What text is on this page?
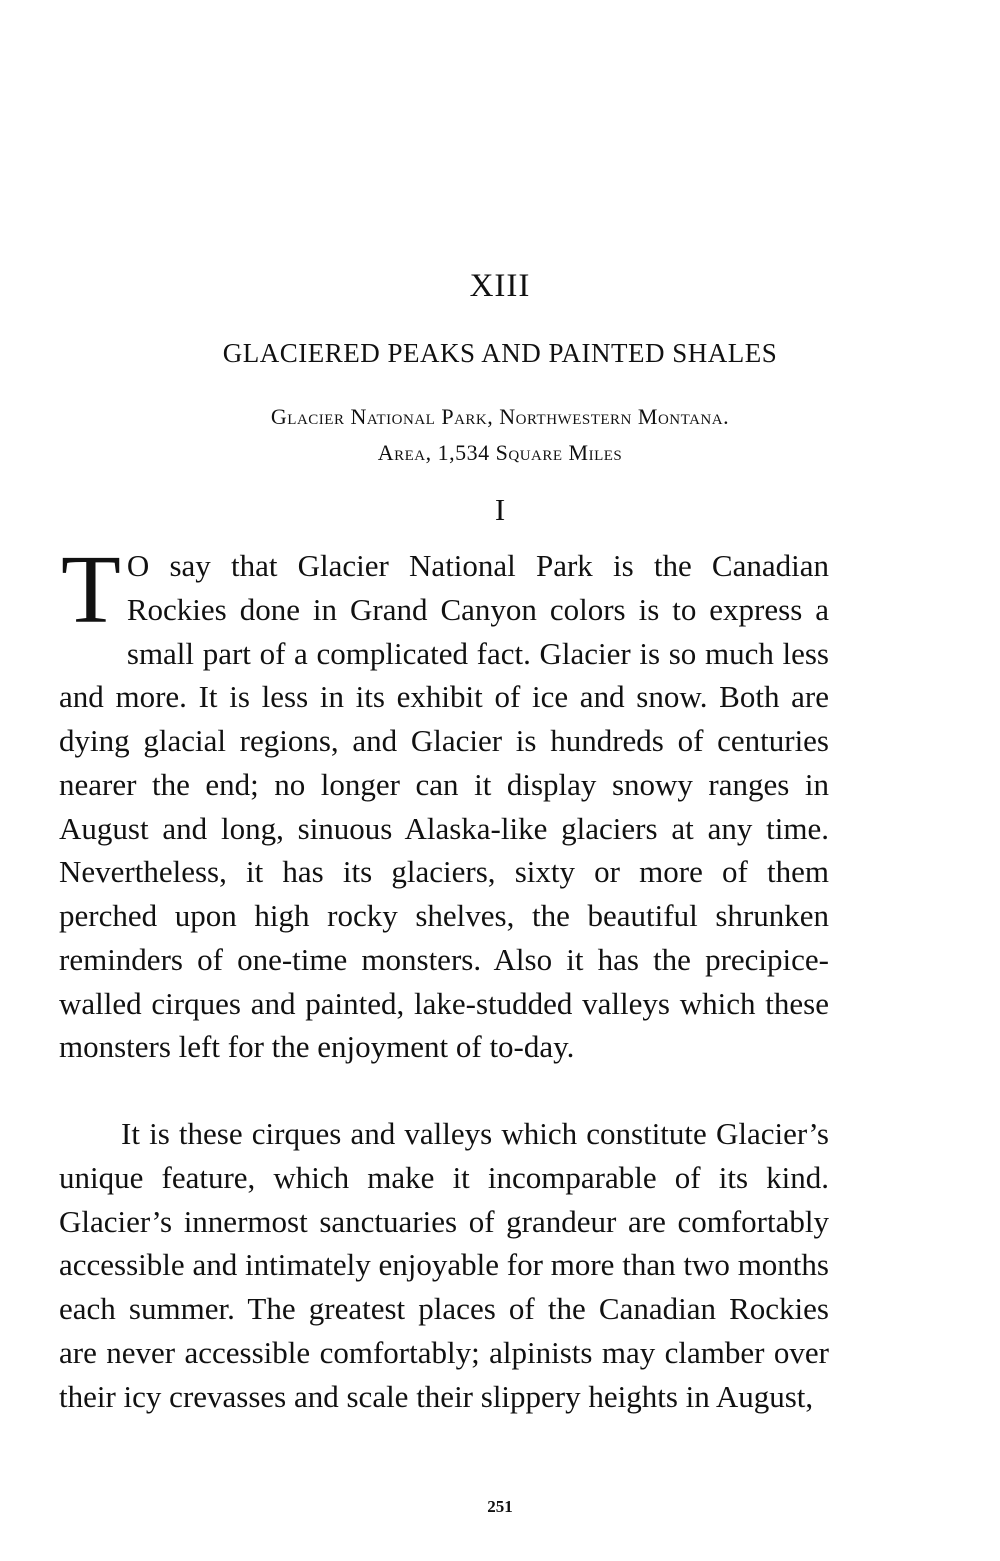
XIII
GLACIERED PEAKS AND PAINTED SHALES
Glacier National Park, Northwestern Montana.
Area, 1,534 Square Miles
I

T O say that Glacier National Park is the Canadian Rockies done in Grand Canyon colors is to express a small part of a complicated fact. Glacier is so much less and more. It is less in its exhibit of ice and snow. Both are dying glacial regions, and Glacier is hundreds of centuries nearer the end; no longer can it display snowy ranges in August and long, sinuous Alaska-like glaciers at any time. Nevertheless, it has its glaciers, sixty or more of them perched upon high rocky shelves, the beautiful shrunken reminders of one-time monsters. Also it has the precipice-walled cirques and painted, lake-studded valleys which these monsters left for the enjoyment of to-day.

It is these cirques and valleys which constitute Glacier’s unique feature, which make it incomparable of its kind. Glacier’s innermost sanctuaries of grandeur are comfortably accessible and intimately enjoyable for more than two months each summer. The greatest places of the Canadian Rockies are never accessible comfortably; alpinists may clamber over their icy crevasses and scale their slippery heights in August,

251
